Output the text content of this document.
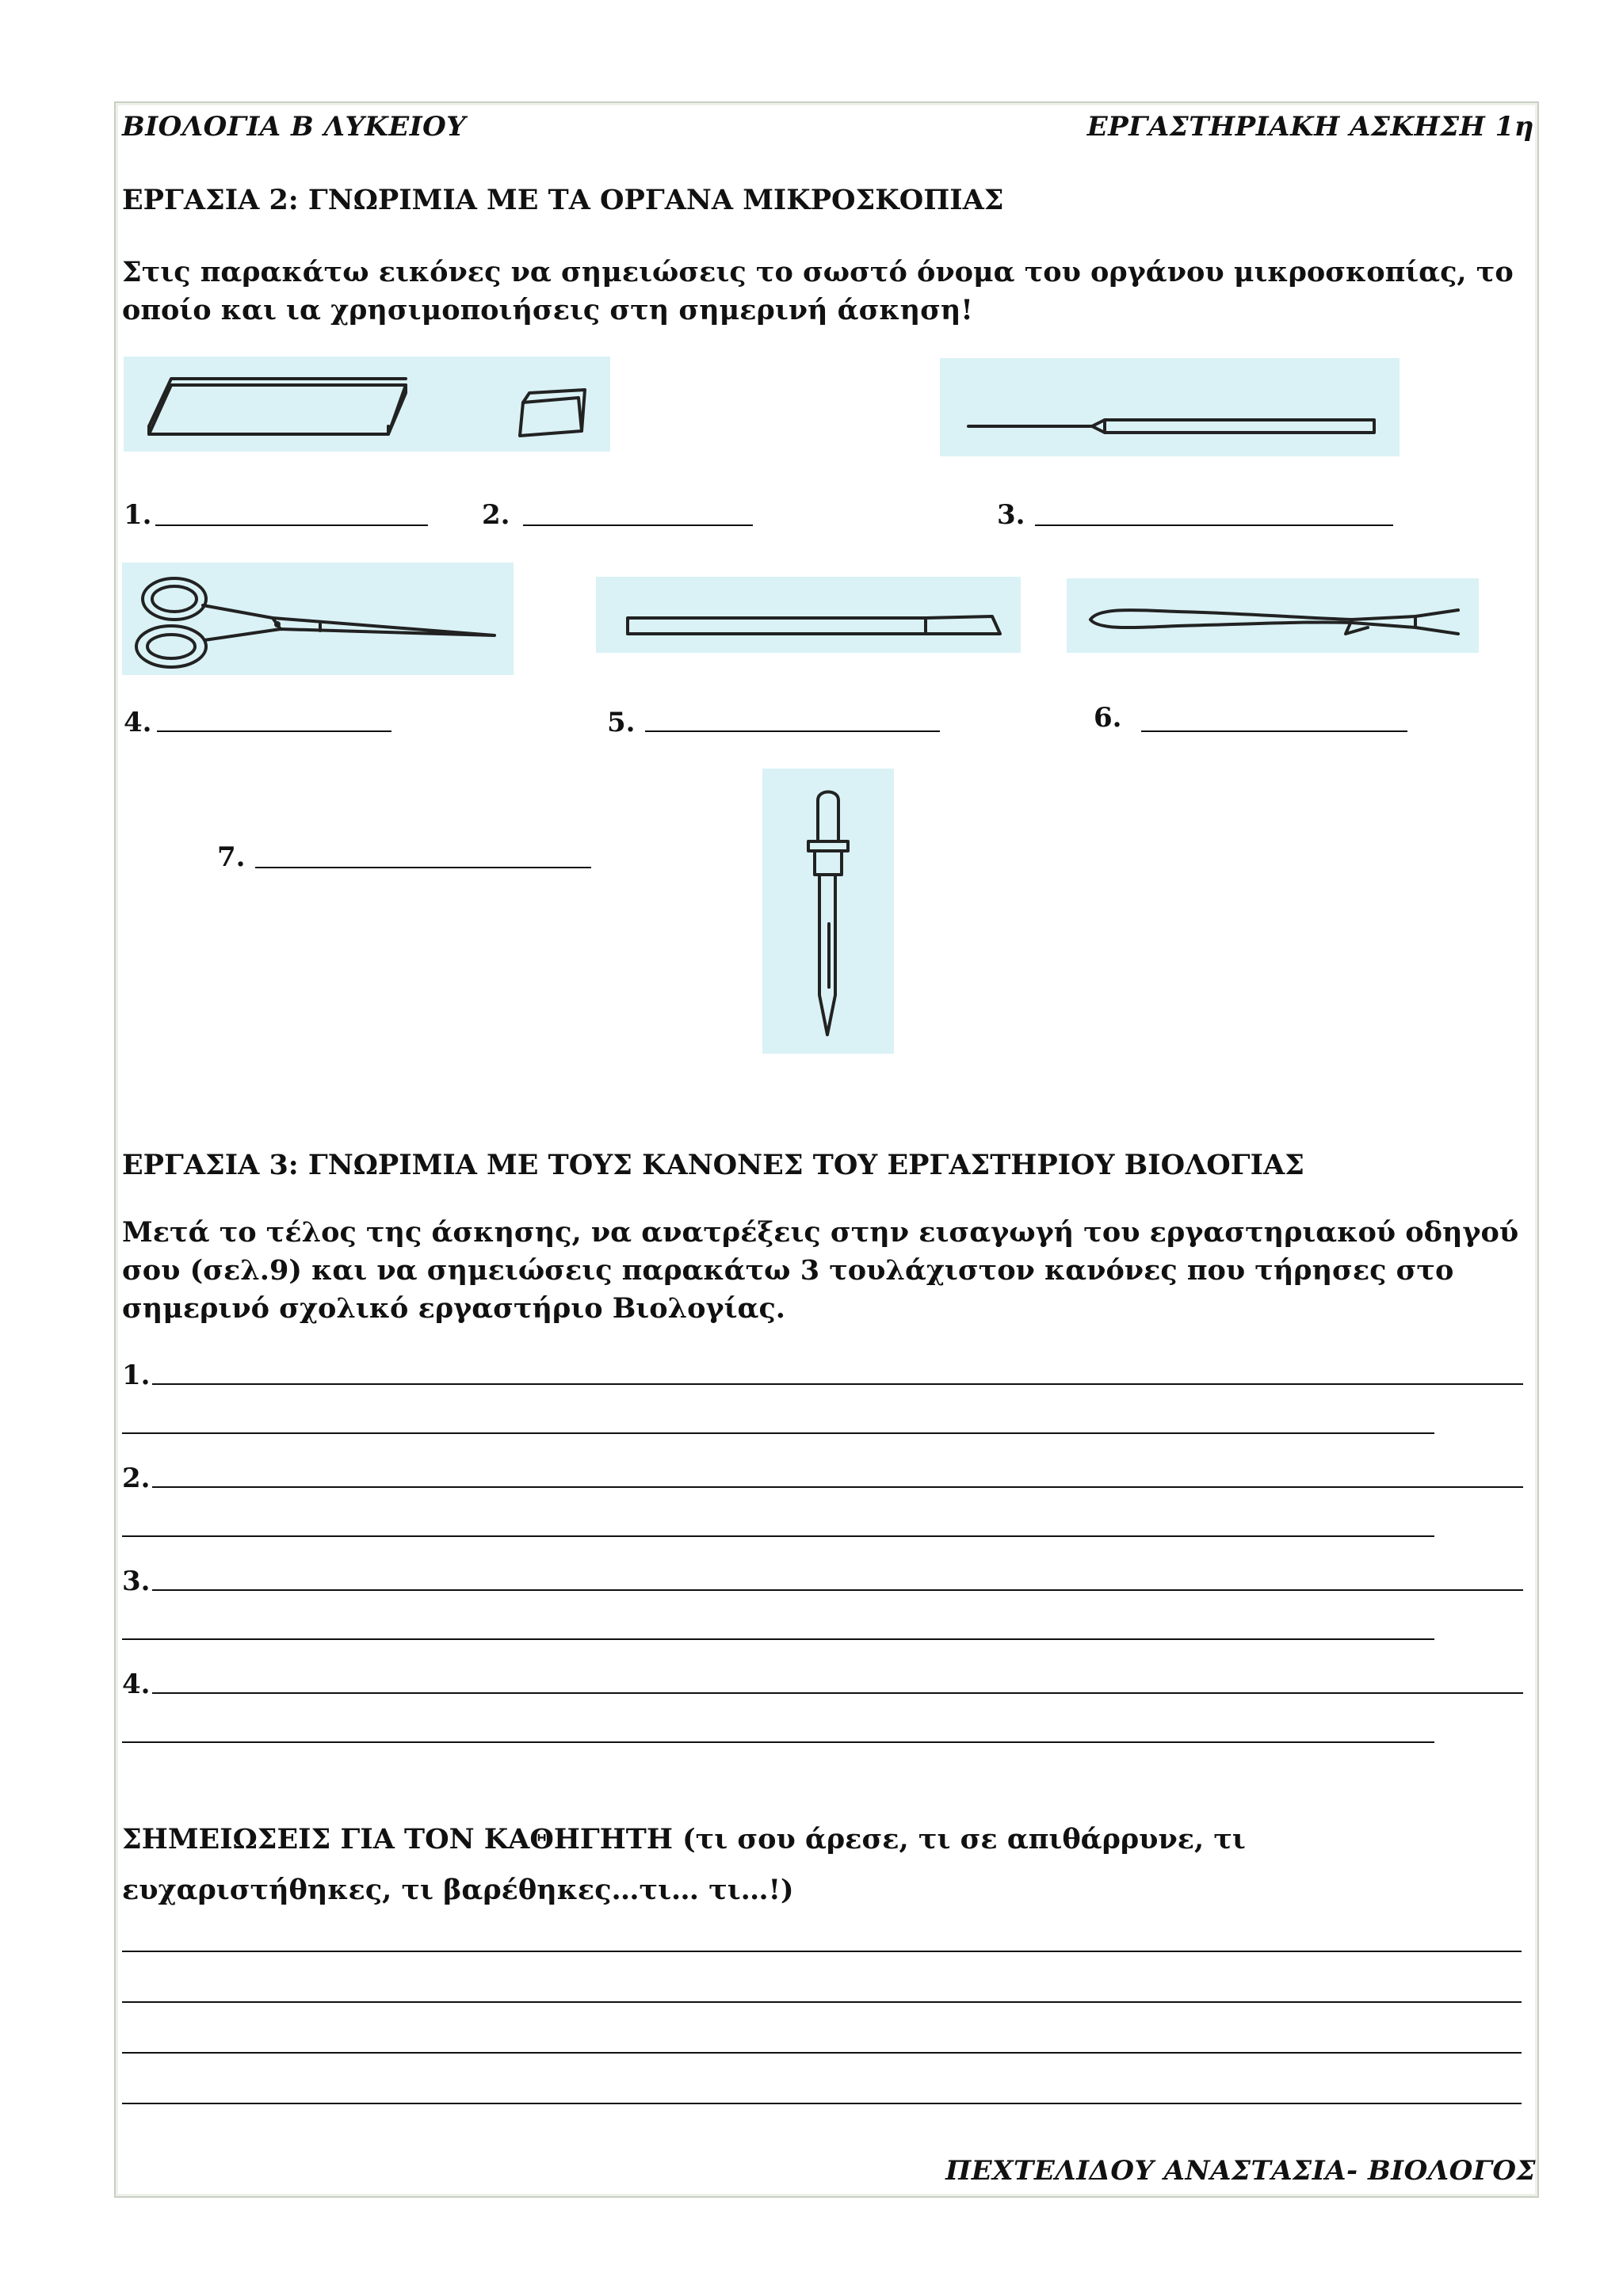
ΒΙΟΛΟΓΙΑ Β ΛΥΚΕΙΟΥ	ΕΡΓΑΣΤΗΡΙΑΚΗ ΑΣΚΗΣΗ 1η
ΕΡΓΑΣΙΑ 2: ΓΝΩΡΙΜΙΑ ΜΕ ΤΑ ΟΡΓΑΝΑ ΜΙΚΡΟΣΚΟΠΙΑΣ
Στις παρακάτω εικόνες να σημειώσεις το σωστό όνομα του οργάνου μικροσκοπίας, το οποίο και ια χρησιμοποιήσεις στη σημερινή άσκηση!
1.	2.	3.
4.	5.	6.
7.
ΕΡΓΑΣΙΑ 3: ΓΝΩΡΙΜΙΑ ΜΕ ΤΟΥΣ ΚΑΝΟΝΕΣ ΤΟΥ ΕΡΓΑΣΤΗΡΙΟΥ ΒΙΟΛΟΓΙΑΣ
Μετά το τέλος της άσκησης, να ανατρέξεις στην εισαγωγή του εργαστηριακού οδηγού σου (σελ.9) και να σημειώσεις παρακάτω 3 τουλάχιστον κανόνες που τήρησες στο σημερινό σχολικό εργαστήριο Βιολογίας.
1.
2.
3.
4.
ΣΗΜΕΙΩΣΕΙΣ ΓΙΑ ΤΟΝ ΚΑΘΗΓΗΤΗ (τι σου άρεσε, τι σε απιθάρρυνε, τι ευχαριστήθηκες, τι βαρέθηκες…τι… τι…!)
ΠΕΧΤΕΛΙΔΟΥ ΑΝΑΣΤΑΣΙΑ- ΒΙΟΛΟΓΟΣ
